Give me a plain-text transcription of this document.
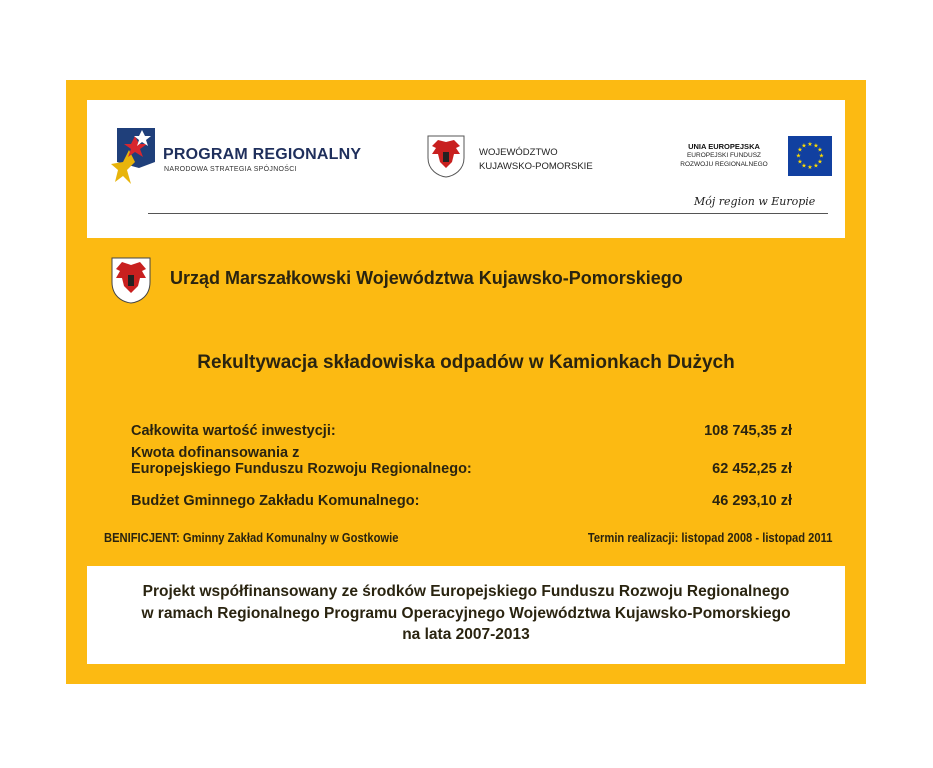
PROGRAM REGIONALNY
NARODOWA STRATEGIA SPÓJNOŚCI
WOJEWÓDZTWO
KUJAWSKO-POMORSKIE
UNIA EUROPEJSKA
EUROPEJSKI FUNDUSZ
ROZWOJU REGIONALNEGO
★ ★
★
★
★
★
★
★
★
★
★
★
Mój region w Europie
Urząd Marszałkowski Województwa Kujawsko-Pomorskiego
Rekultywacja składowiska odpadów w Kamionkach Dużych
Całkowita wartość inwestycji:	108 745,35 zł
Kwota dofinansowania z
Europejskiego Funduszu Rozwoju Regionalnego:	62 452,25 zł
Budżet Gminnego Zakładu Komunalnego:	46 293,10 zł
BENIFICJENT: Gminny Zakład Komunalny w Gostkowie	Termin realizacji: listopad 2008 - listopad 2011
Projekt współfinansowany ze środków Europejskiego Funduszu Rozwoju Regionalnego
w ramach Regionalnego Programu Operacyjnego Województwa Kujawsko-Pomorskiego
na lata 2007-2013
